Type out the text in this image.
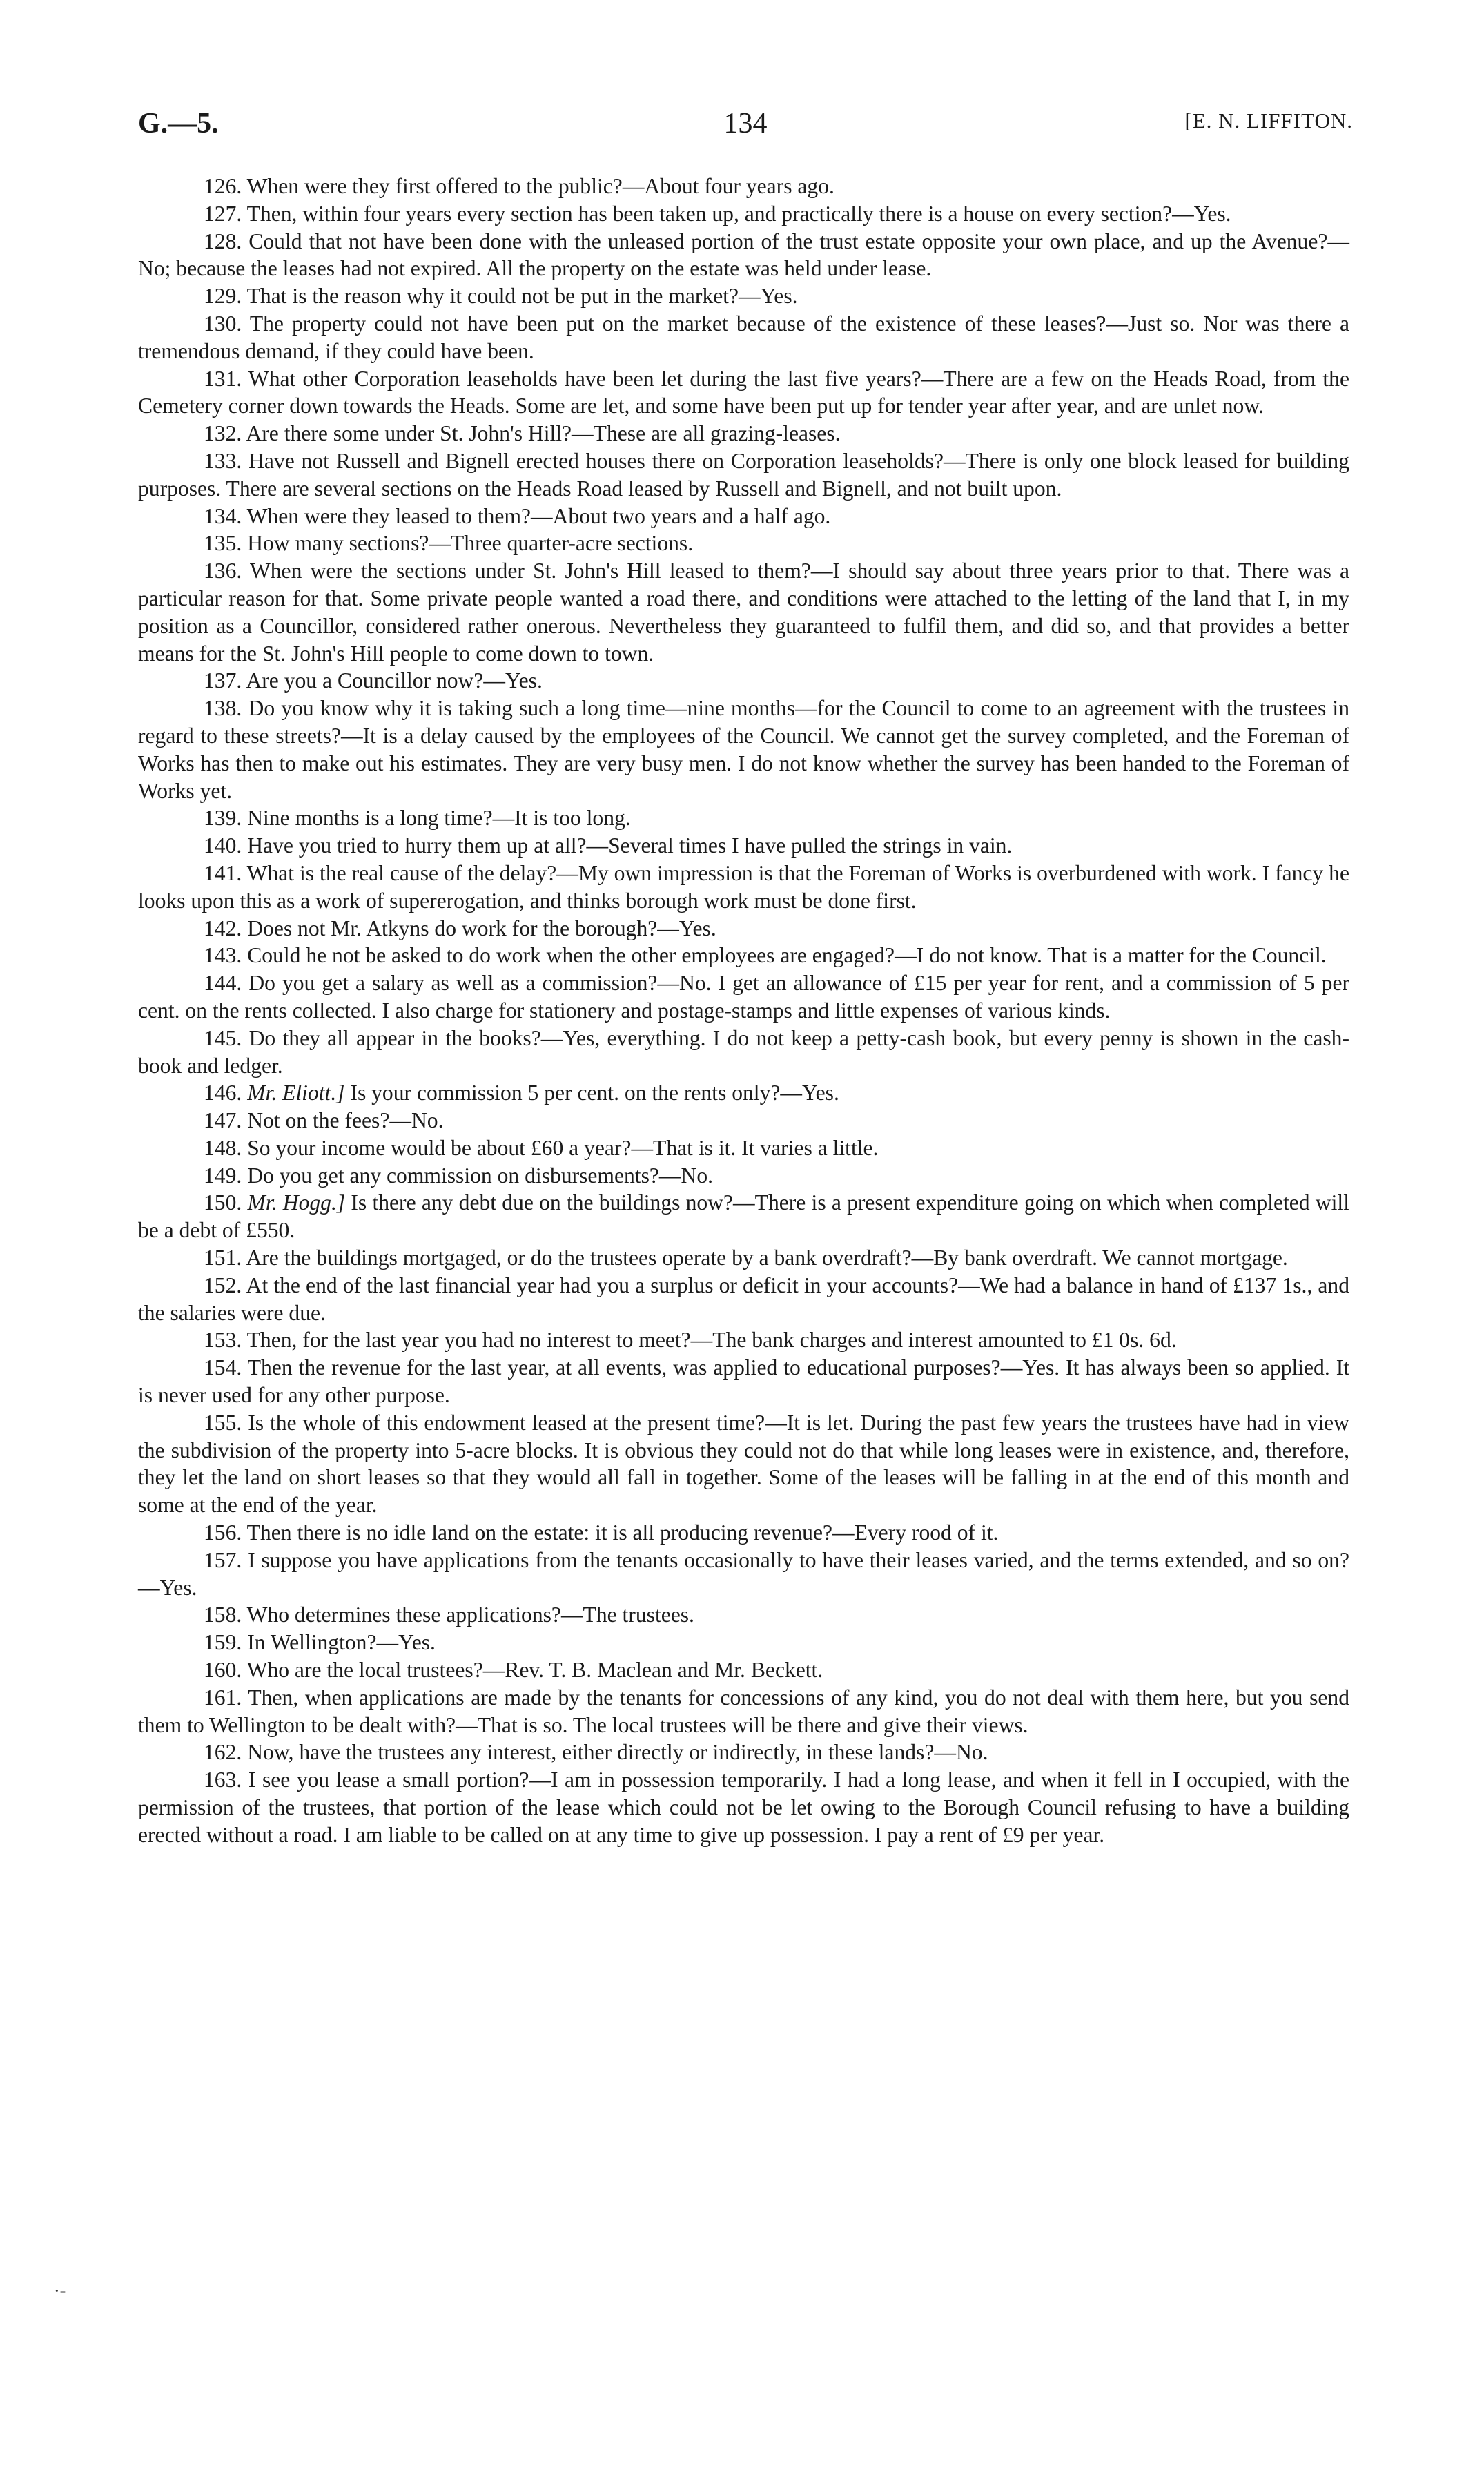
G.—5.	134	[E. N. LIFFITON.

126. When were they first offered to the public?—About four years ago.

127. Then, within four years every section has been taken up, and practically there is a house on every section?—Yes.

128. Could that not have been done with the unleased portion of the trust estate opposite your own place, and up the Avenue?—No; because the leases had not expired. All the property on the estate was held under lease.

129. That is the reason why it could not be put in the market?—Yes.

130. The property could not have been put on the market because of the existence of these leases?—Just so. Nor was there a tremendous demand, if they could have been.

131. What other Corporation leaseholds have been let during the last five years?—There are a few on the Heads Road, from the Cemetery corner down towards the Heads. Some are let, and some have been put up for tender year after year, and are unlet now.

132. Are there some under St. John's Hill?—These are all grazing-leases.

133. Have not Russell and Bignell erected houses there on Corporation leaseholds?—There is only one block leased for building purposes. There are several sections on the Heads Road leased by Russell and Bignell, and not built upon.

134. When were they leased to them?—About two years and a half ago.

135. How many sections?—Three quarter-acre sections.

136. When were the sections under St. John's Hill leased to them?—I should say about three years prior to that. There was a particular reason for that. Some private people wanted a road there, and conditions were attached to the letting of the land that I, in my position as a Councillor, considered rather onerous. Nevertheless they guaranteed to fulfil them, and did so, and that provides a better means for the St. John's Hill people to come down to town.

137. Are you a Councillor now?—Yes.

138. Do you know why it is taking such a long time—nine months—for the Council to come to an agreement with the trustees in regard to these streets?—It is a delay caused by the employees of the Council. We cannot get the survey completed, and the Foreman of Works has then to make out his estimates. They are very busy men. I do not know whether the survey has been handed to the Foreman of Works yet.

139. Nine months is a long time?—It is too long.

140. Have you tried to hurry them up at all?—Several times I have pulled the strings in vain.

141. What is the real cause of the delay?—My own impression is that the Foreman of Works is overburdened with work. I fancy he looks upon this as a work of supererogation, and thinks borough work must be done first.

142. Does not Mr. Atkyns do work for the borough?—Yes.

143. Could he not be asked to do work when the other employees are engaged?—I do not know. That is a matter for the Council.

144. Do you get a salary as well as a commission?—No. I get an allowance of £15 per year for rent, and a commission of 5 per cent. on the rents collected. I also charge for stationery and postage-stamps and little expenses of various kinds.

145. Do they all appear in the books?—Yes, everything. I do not keep a petty-cash book, but every penny is shown in the cash-book and ledger.

146. Mr. Eliott.] Is your commission 5 per cent. on the rents only?—Yes.

147. Not on the fees?—No.

148. So your income would be about £60 a year?—That is it. It varies a little.

149. Do you get any commission on disbursements?—No.

150. Mr. Hogg.] Is there any debt due on the buildings now?—There is a present expenditure going on which when completed will be a debt of £550.

151. Are the buildings mortgaged, or do the trustees operate by a bank overdraft?—By bank overdraft. We cannot mortgage.

152. At the end of the last financial year had you a surplus or deficit in your accounts?—We had a balance in hand of £137 1s., and the salaries were due.

153. Then, for the last year you had no interest to meet?—The bank charges and interest amounted to £1 0s. 6d.

154. Then the revenue for the last year, at all events, was applied to educational purposes?—Yes. It has always been so applied. It is never used for any other purpose.

155. Is the whole of this endowment leased at the present time?—It is let. During the past few years the trustees have had in view the subdivision of the property into 5-acre blocks. It is obvious they could not do that while long leases were in existence, and, therefore, they let the land on short leases so that they would all fall in together. Some of the leases will be falling in at the end of this month and some at the end of the year.

156. Then there is no idle land on the estate: it is all producing revenue?—Every rood of it.

157. I suppose you have applications from the tenants occasionally to have their leases varied, and the terms extended, and so on?—Yes.

158. Who determines these applications?—The trustees.

159. In Wellington?—Yes.

160. Who are the local trustees?—Rev. T. B. Maclean and Mr. Beckett.

161. Then, when applications are made by the tenants for concessions of any kind, you do not deal with them here, but you send them to Wellington to be dealt with?—That is so. The local trustees will be there and give their views.

162. Now, have the trustees any interest, either directly or indirectly, in these lands?—No.

163. I see you lease a small portion?—I am in possession temporarily. I had a long lease, and when it fell in I occupied, with the permission of the trustees, that portion of the lease which could not be let owing to the Borough Council refusing to have a building erected without a road. I am liable to be called on at any time to give up possession. I pay a rent of £9 per year.

·-
